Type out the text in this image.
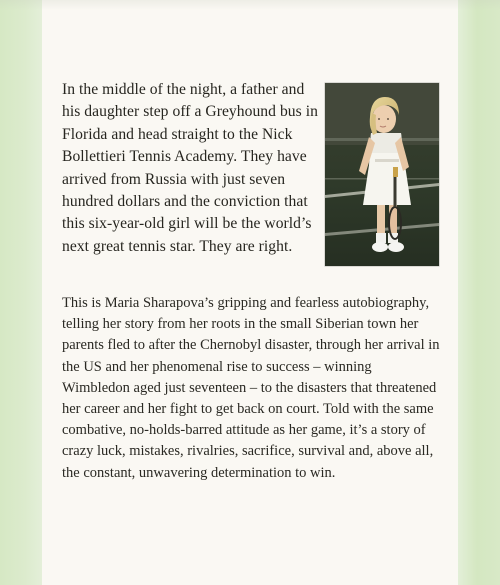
In the middle of the night, a father and his daughter step off a Greyhound bus in Florida and head straight to the Nick Bollettieri Tennis Academy. They have arrived from Russia with just seven hundred dollars and the conviction that this six-year-old girl will be the world’s next great tennis star. They are right.

This is Maria Sharapova’s gripping and fearless autobiography, telling her story from her roots in the small Siberian town her parents fled to after the Chernobyl disaster, through her arrival in the US and her phenomenal rise to success – winning Wimbledon aged just seventeen – to the disasters that threatened her career and her fight to get back on court. Told with the same combative, no-holds-barred attitude as her game, it’s a story of crazy luck, mistakes, rivalries, sacrifice, survival and, above all, the constant, unwavering determination to win.
